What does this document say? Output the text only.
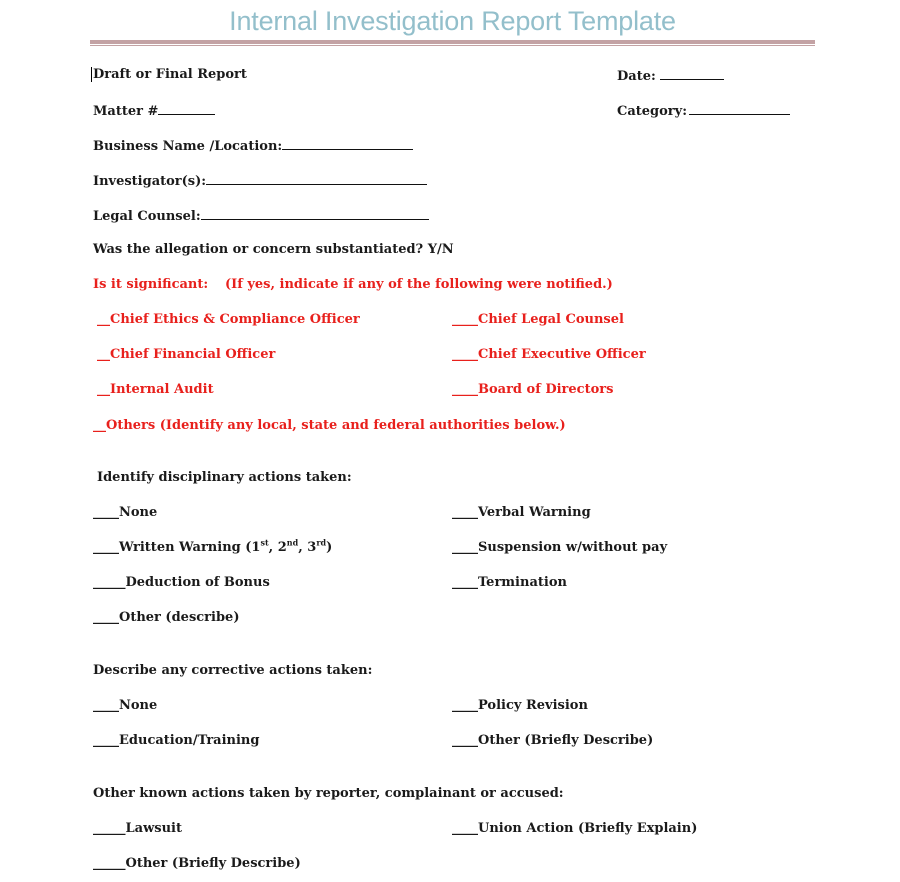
Internal Investigation Report Template
Draft or Final Report	Date:
Matter #	Category:
Business Name /Location:
Investigator(s):
Legal Counsel:
Was the allegation or concern substantiated? Y/N
Is it significant: (If yes, indicate if any of the following were notified.)
__Chief Ethics & Compliance Officer	____Chief Legal Counsel
__Chief Financial Officer	____Chief Executive Officer
__Internal Audit	____Board of Directors
__Others (Identify any local, state and federal authorities below.)
Identify disciplinary actions taken:
____None	____Verbal Warning
____Written Warning (1st, 2nd, 3rd)	____Suspension w/without pay
_____Deduction of Bonus	____Termination
____Other (describe)
Describe any corrective actions taken:
____None	____Policy Revision
____Education/Training	____Other (Briefly Describe)
Other known actions taken by reporter, complainant or accused:
_____Lawsuit	____Union Action (Briefly Explain)
_____Other (Briefly Describe)
